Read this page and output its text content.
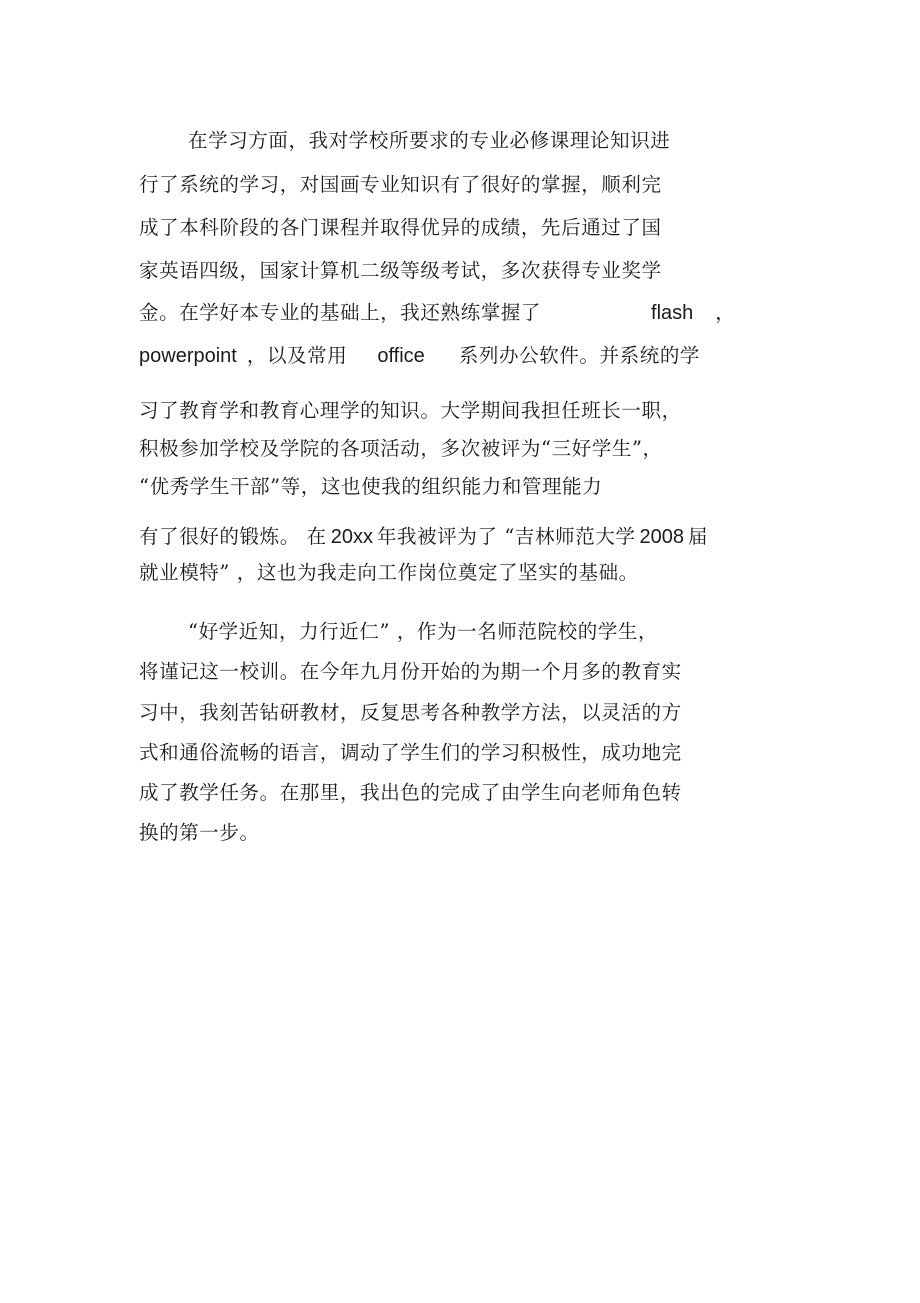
在学习方面，我对学校所要求的专业必修课理论知识进
行了系统的学习，对国画专业知识有了很好的掌握，顺利完
成了本科阶段的各门课程并取得优异的成绩，先后通过了国
家英语四级，国家计算机二级等级考试，多次获得专业奖学
金。在学好本专业的基础上，我还熟练掌握了	flash ，
powerpoint ，以及常用 office 系列办公软件。并系统的学
习了教育学和教育心理学的知识。大学期间我担任班长一职，
积极参加学校及学院的各项活动，多次被评为“三好学生”，
“优秀学生干部”等，这也使我的组织能力和管理能力
有了很好的锻炼。 在 20xx 年我被评为了 “吉林师范大学 2008 届
就业模特” ，这也为我走向工作岗位奠定了坚实的基础。
“好学近知，力行近仁” ，作为一名师范院校的学生，
将谨记这一校训。在今年九月份开始的为期一个月多的教育实
习中，我刻苦钻研教材，反复思考各种教学方法，以灵活的方
式和通俗流畅的语言，调动了学生们的学习积极性，成功地完
成了教学任务。在那里，我出色的完成了由学生向老师角色转
换的第一步。
